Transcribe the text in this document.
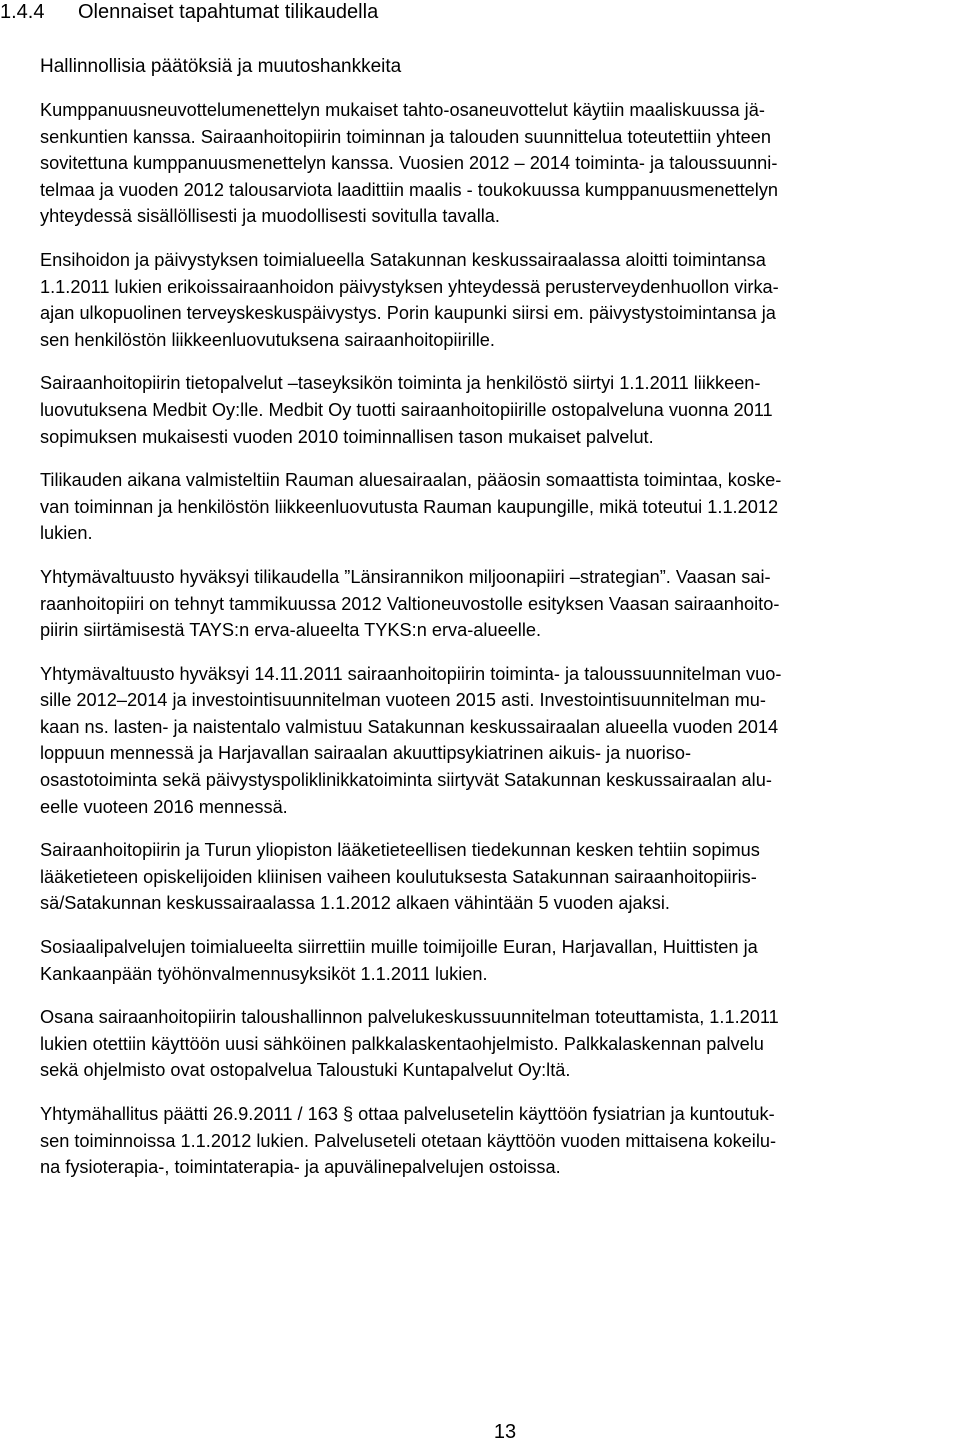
1.4.4 Olennaiset tapahtumat tilikaudella
Hallinnollisia päätöksiä ja muutoshankkeita

Kumppanuusneuvottelumenettelyn mukaiset tahto-osaneuvottelut käytiin maaliskuussa jä-
senkuntien kanssa. Sairaanhoitopiirin toiminnan ja talouden suunnittelua toteutettiin yhteen
sovitettuna kumppanuusmenettelyn kanssa. Vuosien 2012 – 2014 toiminta- ja taloussuunni-
telmaa ja vuoden 2012 talousarviota laadittiin maalis - toukokuussa kumppanuusmenettelyn
yhteydessä sisällöllisesti ja muodollisesti sovitulla tavalla.

Ensihoidon ja päivystyksen toimialueella Satakunnan keskussairaalassa aloitti toimintansa
1.1.2011 lukien erikoissairaanhoidon päivystyksen yhteydessä perusterveydenhuollon virka-
ajan ulkopuolinen terveyskeskuspäivystys. Porin kaupunki siirsi em. päivystystoimintansa ja
sen henkilöstön liikkeenluovutuksena sairaanhoitopiirille.

Sairaanhoitopiirin tietopalvelut –taseyksikön toiminta ja henkilöstö siirtyi 1.1.2011 liikkeen-
luovutuksena Medbit Oy:lle. Medbit Oy tuotti sairaanhoitopiirille ostopalveluna vuonna 2011
sopimuksen mukaisesti vuoden 2010 toiminnallisen tason mukaiset palvelut.

Tilikauden aikana valmisteltiin Rauman aluesairaalan, pääosin somaattista toimintaa, koske-
van toiminnan ja henkilöstön liikkeenluovutusta Rauman kaupungille, mikä toteutui 1.1.2012
lukien.

Yhtymävaltuusto hyväksyi tilikaudella ”Länsirannikon miljoonapiiri –strategian”. Vaasan sai-
raanhoitopiiri on tehnyt tammikuussa 2012 Valtioneuvostolle esityksen Vaasan sairaanhoito-
piirin siirtämisestä TAYS:n erva-alueelta TYKS:n erva-alueelle.

Yhtymävaltuusto hyväksyi 14.11.2011 sairaanhoitopiirin toiminta- ja taloussuunnitelman vuo-
sille 2012–2014 ja investointisuunnitelman vuoteen 2015 asti. Investointisuunnitelman mu-
kaan ns. lasten- ja naistentalo valmistuu Satakunnan keskussairaalan alueella vuoden 2014
loppuun mennessä ja Harjavallan sairaalan akuuttipsykiatrinen aikuis- ja nuoriso-
osastotoiminta sekä päivystyspoliklinikkatoiminta siirtyvät Satakunnan keskussairaalan alu-
eelle vuoteen 2016 mennessä.

Sairaanhoitopiirin ja Turun yliopiston lääketieteellisen tiedekunnan kesken tehtiin sopimus
lääketieteen opiskelijoiden kliinisen vaiheen koulutuksesta Satakunnan sairaanhoitopiiris-
sä/Satakunnan keskussairaalassa 1.1.2012 alkaen vähintään 5 vuoden ajaksi.

Sosiaalipalvelujen toimialueelta siirrettiin muille toimijoille Euran, Harjavallan, Huittisten ja
Kankaanpään työhönvalmennusyksiköt 1.1.2011 lukien.

Osana sairaanhoitopiirin taloushallinnon palvelukeskussuunnitelman toteuttamista, 1.1.2011
lukien otettiin käyttöön uusi sähköinen palkkalaskentaohjelmisto. Palkkalaskennan palvelu
sekä ohjelmisto ovat ostopalvelua Taloustuki Kuntapalvelut Oy:ltä.

Yhtymähallitus päätti 26.9.2011 / 163 § ottaa palvelusetelin käyttöön fysiatrian ja kuntoutuk-
sen toiminnoissa 1.1.2012 lukien. Palveluseteli otetaan käyttöön vuoden mittaisena kokeilu-
na fysioterapia-, toimintaterapia- ja apuvälinepalvelujen ostoissa.

13
